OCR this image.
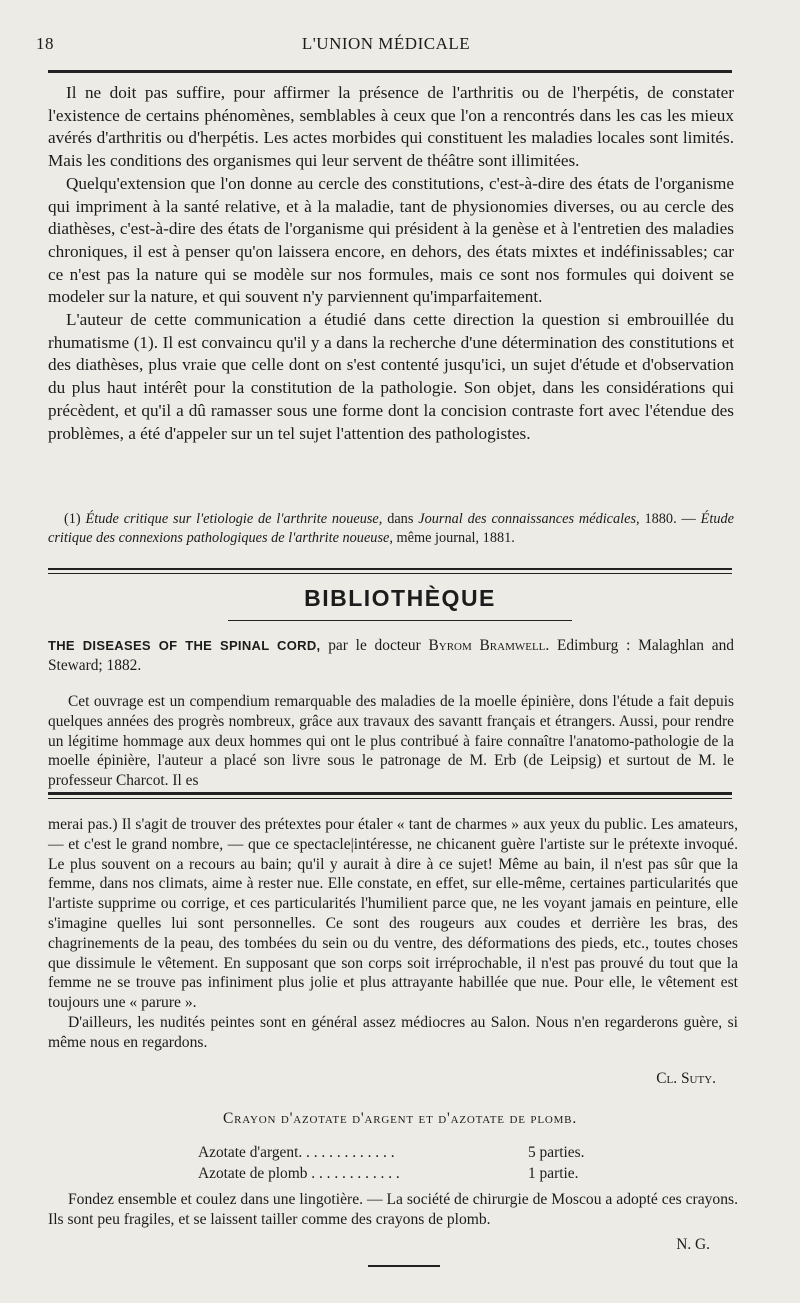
18	L'UNION MÉDICALE

Il ne doit pas suffire, pour affirmer la présence de l'arthritis ou de l'herpétis, de constater l'existence de certains phénomènes, semblables à ceux que l'on a rencontrés dans les cas les mieux avérés d'arthritis ou d'herpétis. Les actes morbides qui constituent les maladies locales sont limités. Mais les conditions des organismes qui leur servent de théâtre sont illimitées.

Quelqu'extension que l'on donne au cercle des constitutions, c'est-à-dire des états de l'organisme qui impriment à la santé relative, et à la maladie, tant de physionomies diverses, ou au cercle des diathèses, c'est-à-dire des états de l'organisme qui président à la genèse et à l'entretien des maladies chroniques, il est à penser qu'on laissera encore, en dehors, des états mixtes et indéfinissables; car ce n'est pas la nature qui se modèle sur nos formules, mais ce sont nos formules qui doivent se modeler sur la nature, et qui souvent n'y parviennent qu'imparfaitement.

L'auteur de cette communication a étudié dans cette direction la question si embrouillée du rhumatisme (1). Il est convaincu qu'il y a dans la recherche d'une détermination des constitutions et des diathèses, plus vraie que celle dont on s'est contenté jusqu'ici, un sujet d'étude et d'observation du plus haut intérêt pour la constitution de la pathologie. Son objet, dans les considérations qui précèdent, et qu'il a dû ramasser sous une forme dont la concision contraste fort avec l'étendue des problèmes, a été d'appeler sur un tel sujet l'attention des pathologistes.

(1) Étude critique sur l'etiologie de l'arthrite noueuse, dans Journal des connaissances médicales, 1880. — Étude critique des connexions pathologiques de l'arthrite noueuse, même journal, 1881.

BIBLIOTHÈQUE

THE DISEASES OF THE SPINAL CORD, par le docteur Byrom Bramwell. Edimburg : Malaghlan and Steward; 1882.

Cet ouvrage est un compendium remarquable des maladies de la moelle épinière, dons l'étude a fait depuis quelques années des progrès nombreux, grâce aux travaux des savantt français et étrangers. Aussi, pour rendre un légitime hommage aux deux hommes qui ont le plus contribué à faire connaître l'anatomo-pathologie de la moelle épinière, l'auteur a placé son livre sous le patronage de M. Erb (de Leipsig) et surtout de M. le professeur Charcot. Il es

merai pas.) Il s'agit de trouver des prétextes pour étaler « tant de charmes » aux yeux du public. Les amateurs, — et c'est le grand nombre, — que ce spectacle|intéresse, ne chicanent guère l'artiste sur le prétexte invoqué. Le plus souvent on a recours au bain; qu'il y aurait à dire à ce sujet! Même au bain, il n'est pas sûr que la femme, dans nos climats, aime à rester nue. Elle constate, en effet, sur elle-même, certaines particularités que l'artiste supprime ou corrige, et ces particularités l'humilient parce que, ne les voyant jamais en peinture, elle s'imagine quelles lui sont personnelles. Ce sont des rougeurs aux coudes et derrière les bras, des chagrinements de la peau, des tombées du sein ou du ventre, des déformations des pieds, etc., toutes choses que dissimule le vêtement. En supposant que son corps soit irréprochable, il n'est pas prouvé du tout que la femme ne se trouve pas infiniment plus jolie et plus attrayante habillée que nue. Pour elle, le vêtement est toujours une « parure ».

D'ailleurs, les nudités peintes sont en général assez médiocres au Salon. Nous n'en regarderons guère, si même nous en regardons.

Cl. Suty.
Crayon d'azotate d'argent et d'azotate de plomb.
Azotate d'argent. . . . . . . . . . . . .	5 parties.
Azotate de plomb . . . . . . . . . . . .	1 partie.

Fondez ensemble et coulez dans une lingotière. — La société de chirurgie de Moscou a adopté ces crayons. Ils sont peu fragiles, et se laissent tailler comme des crayons de plomb.

N. G.
